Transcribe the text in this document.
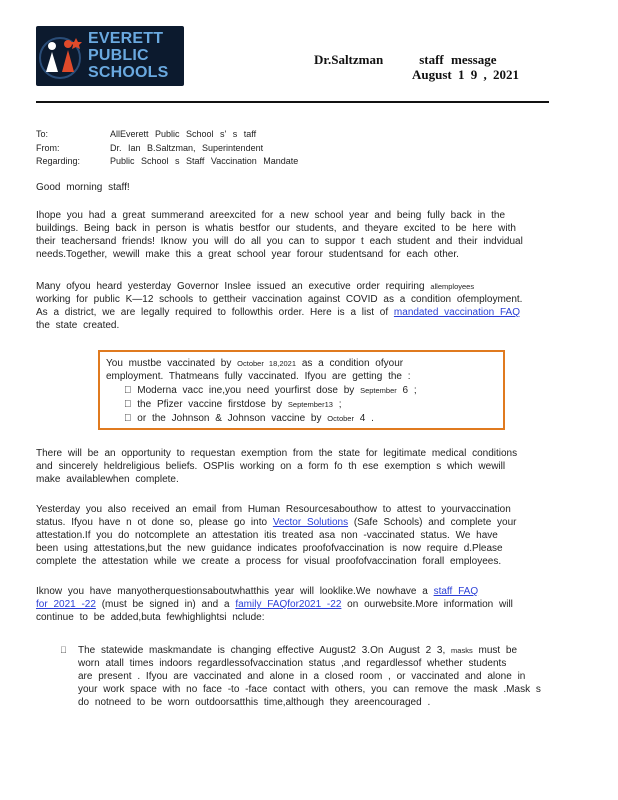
EVERETT
PUBLIC
SCHOOLS
Dr.Saltzman	staff message
August 1 9 , 2021
To:	AllEverett Public School s' s taff
From:	Dr. Ian B.Saltzman, Superintendent
Regarding:	Public School s Staff Vaccination Mandate
Good morning staff!
Ihope you had a great summerand areexcited for a new school year and being fully back in the
buildings. Being back in person is whatis bestfor our students, and theyare excited to be here with
their teachersand friends! Iknow you will do all you can to suppor t each student and their indvidual
needs.Together, wewill make this a great school year forour studentsand for each other.
Many ofyou heard yesterday Governor Inslee issued an executive order requiring allemployees
working for public K—12 schools to gettheir vaccination against COVID as a condition ofemployment.
As a district, we are legally required to followthis order. Here is a list of mandated vaccination FAQ
the state created.
You mustbe vaccinated by October 18,2021 as a condition ofyour
employment. Thatmeans fully vaccinated. Ifyou are getting the :
Moderna vacc ine,you need yourfirst dose by September 6 ;
the Pfizer vaccine firstdose by September13 ;
or the Johnson & Johnson vaccine by October 4 .
There will be an opportunity to requestan exemption from the state for legitimate medical conditions
and sincerely heldreligious beliefs. OSPIis working on a form fo th ese exemption s which wewill
make availablewhen complete.
Yesterday you also received an email from Human Resourcesabouthow to attest to yourvaccination
status. Ifyou have n ot done so, please go into Vector Solutions (Safe Schools) and complete your
attestation.If you do notcomplete an attestation itis treated asa non -vaccinated status. We have
been using attestations,but the new guidance indicates proofofvaccination is now require d.Please
complete the attestation while we create a process for visual proofofvaccination forall employees.
Iknow you have manyotherquestionsaboutwhatthis year will looklike.We nowhave a staff FAQ
for 2021 -22 (must be signed in) and a family FAQfor2021 -22 on ourwebsite.More information will
continue to be added,buta fewhighlightsi nclude:
The statewide maskmandate is changing effective August2 3.On August 2 3, masks must be
worn atall times indoors regardlessofvaccination status ,and regardlessof whether students
are present . Ifyou are vaccinated and alone in a closed room , or vaccinated and alone in
your work space with no face -to -face contact with others, you can remove the mask .Mask s
do notneed to be worn outdoorsatthis time,although they areencouraged .
